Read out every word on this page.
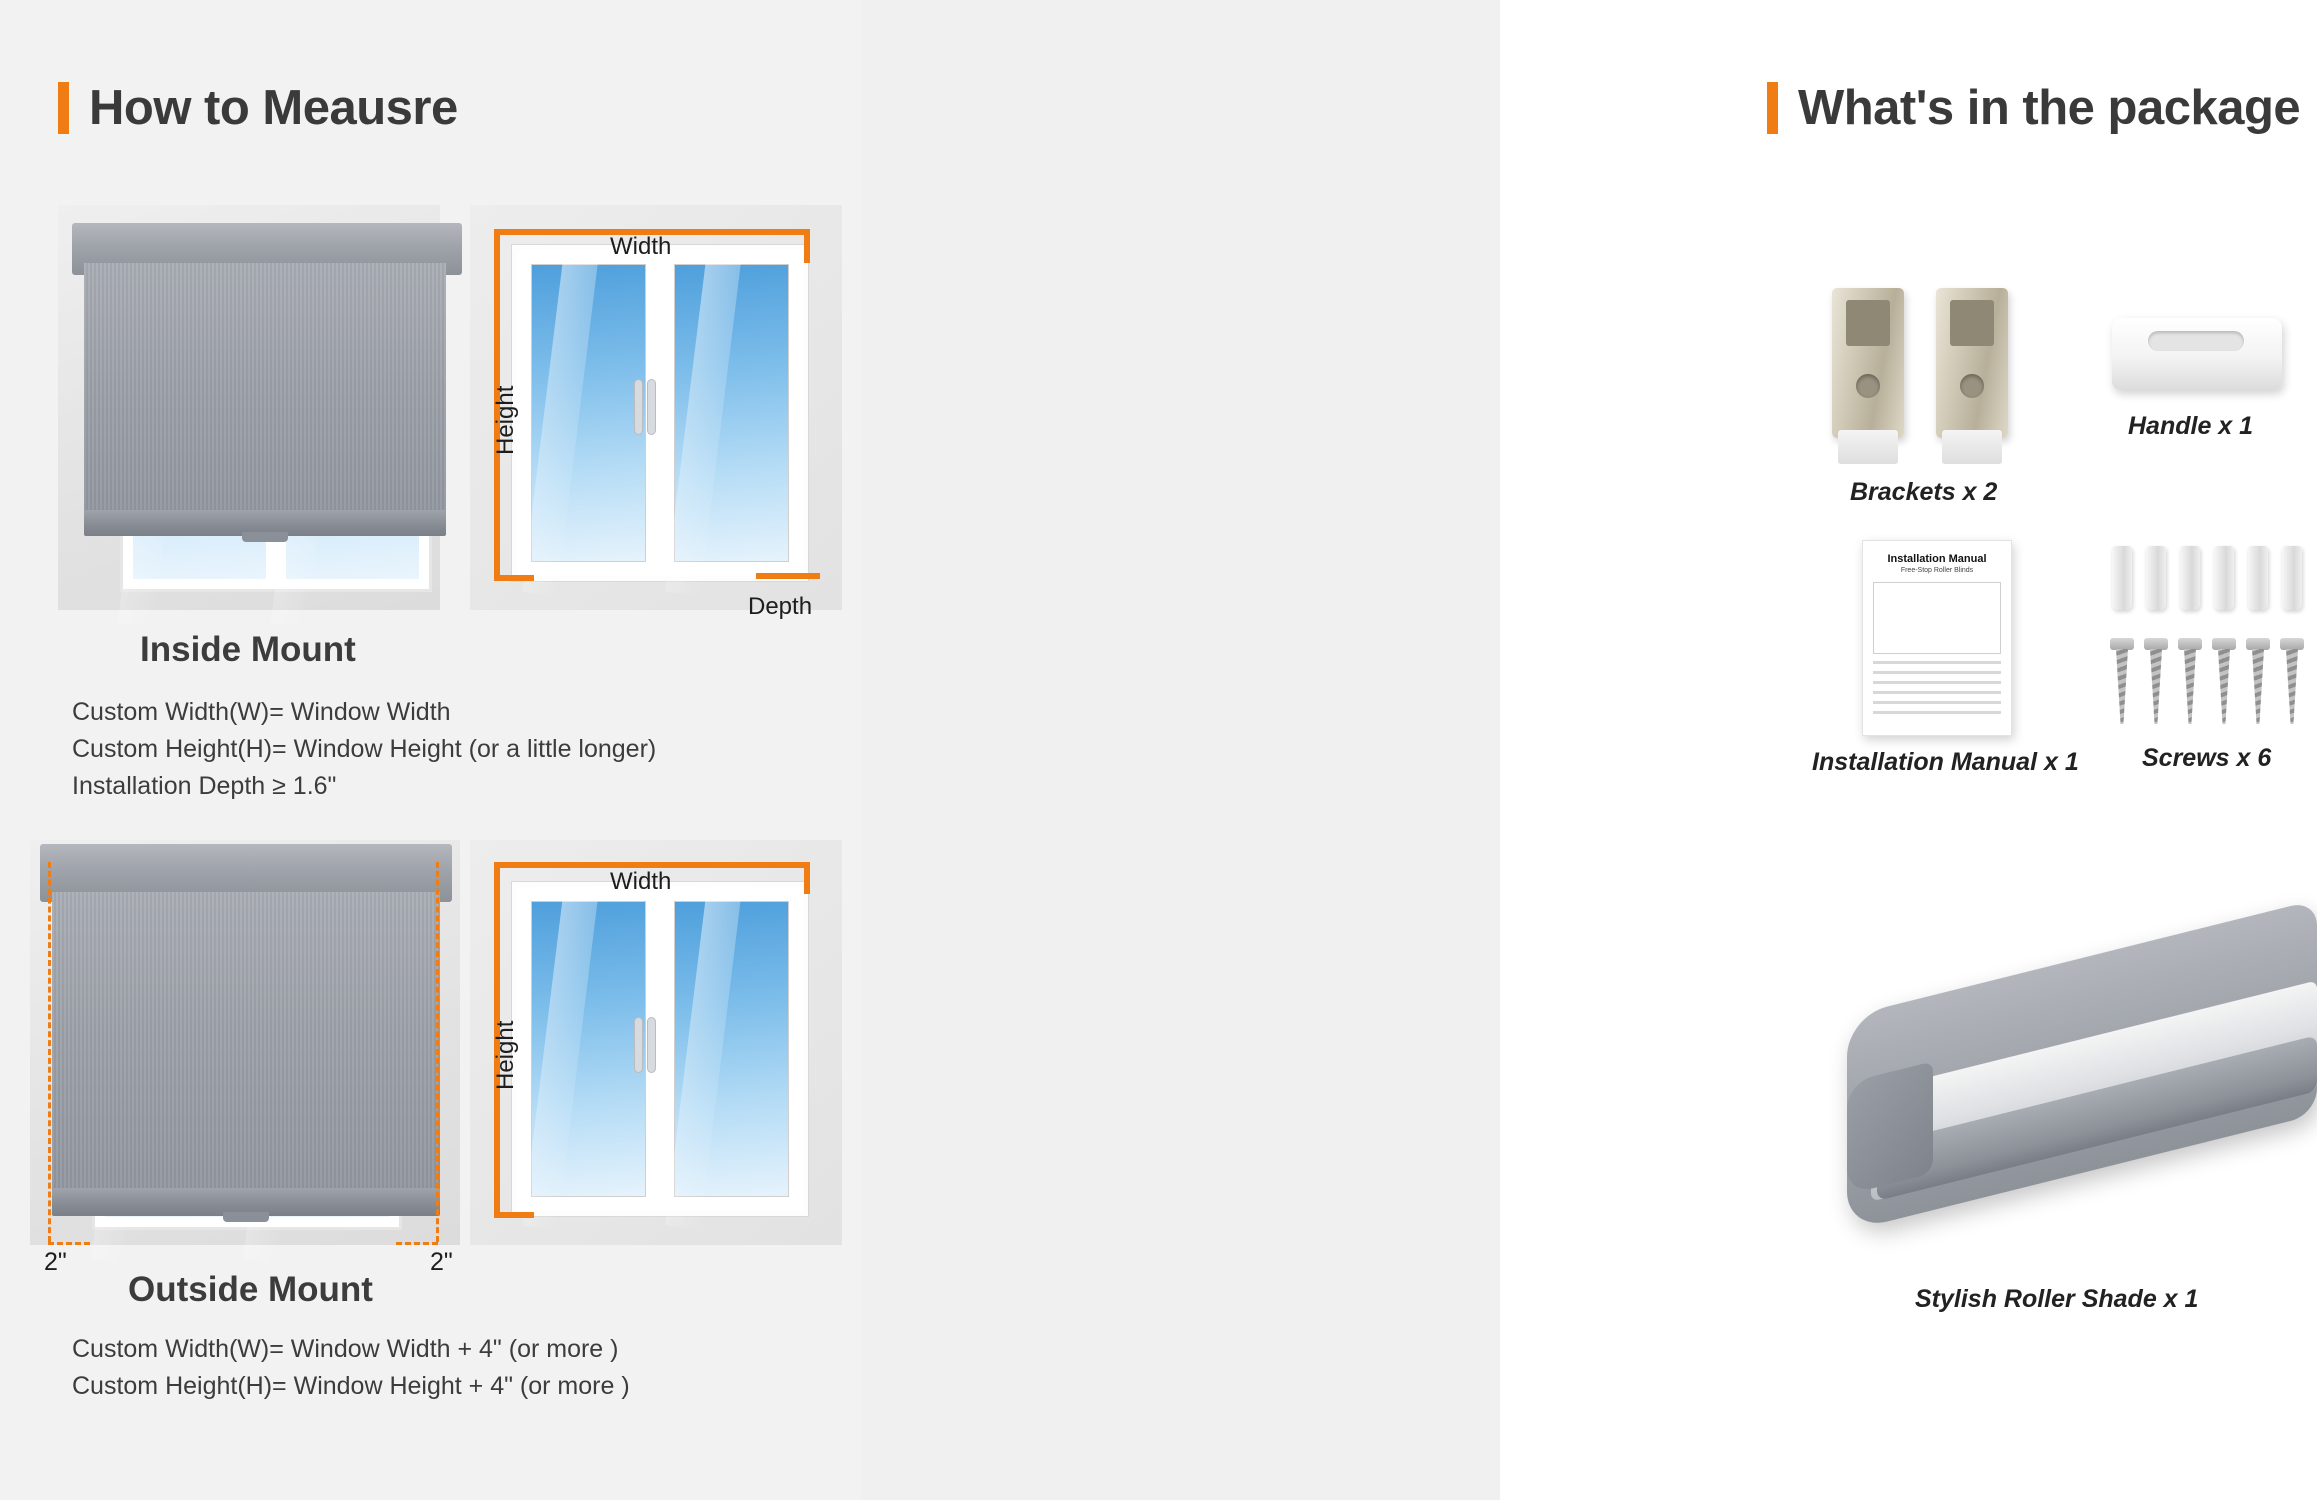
How to Meausre
Width
Height
Depth
Inside Mount
Custom Width(W)= Window Width
Custom Height(H)= Window Height (or a little longer)
Installation Depth ≥ 1.6"
2"	2"
Width
Height
Outside Mount
Custom Width(W)= Window Width + 4" (or more )
Custom Height(H)= Window Height + 4" (or more )
What's in the package
Brackets x 2
Handle x 1
Installation Manual
Free-Stop Roller Blinds
Installation Manual x 1	Screws x 6
Stylish Roller Shade x 1
